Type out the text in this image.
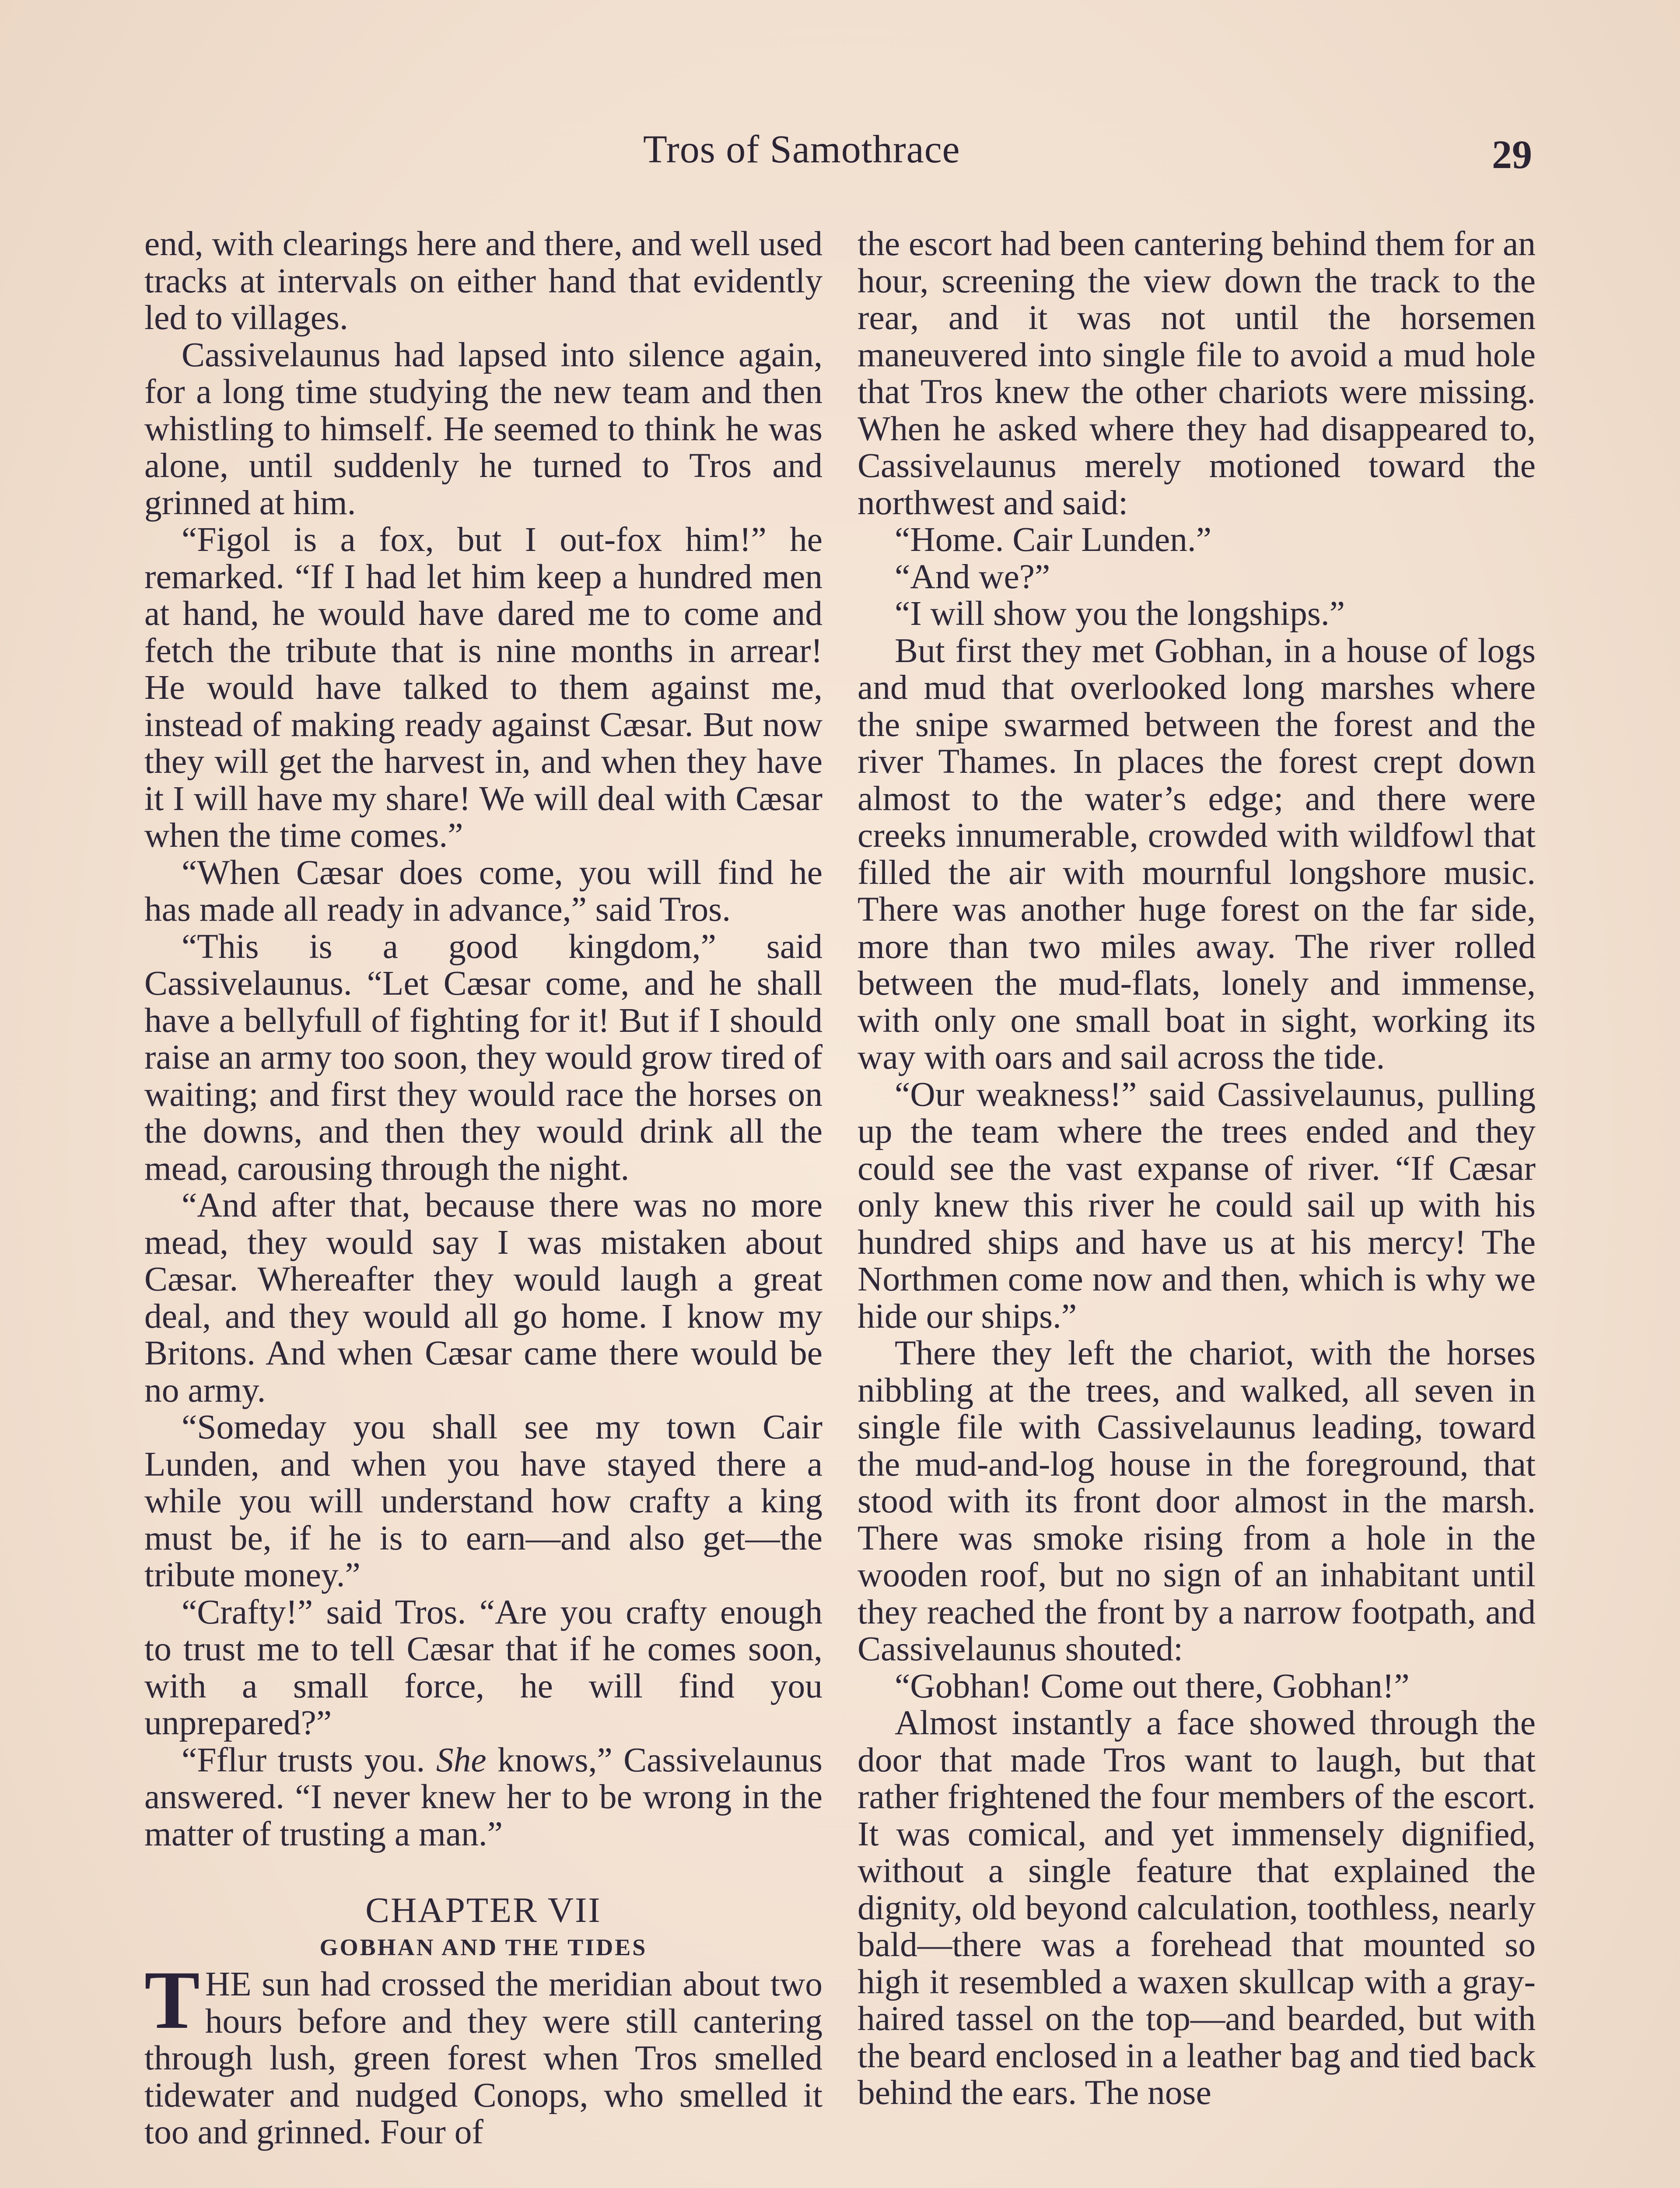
Tros of Samothrace	29

end, with clearings here and there, and well used tracks at intervals on either hand that evidently led to villages.

Cassivelaunus had lapsed into silence again, for a long time studying the new team and then whistling to himself. He seemed to think he was alone, until suddenly he turned to Tros and grinned at him.

“Figol is a fox, but I out-fox him!” he remarked. “If I had let him keep a hundred men at hand, he would have dared me to come and fetch the tribute that is nine months in arrear! He would have talked to them against me, instead of making ready against Cæsar. But now they will get the harvest in, and when they have it I will have my share! We will deal with Cæsar when the time comes.”

“When Cæsar does come, you will find he has made all ready in advance,” said Tros.

“This is a good kingdom,” said Cassivelaunus. “Let Cæsar come, and he shall have a bellyfull of fighting for it! But if I should raise an army too soon, they would grow tired of waiting; and first they would race the horses on the downs, and then they would drink all the mead, carousing through the night.

“And after that, because there was no more mead, they would say I was mistaken about Cæsar. Whereafter they would laugh a great deal, and they would all go home. I know my Britons. And when Cæsar came there would be no army.

“Someday you shall see my town Cair Lunden, and when you have stayed there a while you will understand how crafty a king must be, if he is to earn—and also get—the tribute money.”

“Crafty!” said Tros. “Are you crafty enough to trust me to tell Cæsar that if he comes soon, with a small force, he will find you unprepared?”

“Fflur trusts you. She knows,” Cassivelaunus answered. “I never knew her to be wrong in the matter of trusting a man.”

CHAPTER VII

GOBHAN AND THE TIDES

THE sun had crossed the meridian about two hours before and they were still cantering through lush, green forest when Tros smelled tidewater and nudged Conops, who smelled it too and grinned. Four of

the escort had been cantering behind them for an hour, screening the view down the track to the rear, and it was not until the horsemen maneuvered into single file to avoid a mud hole that Tros knew the other chariots were missing. When he asked where they had disappeared to, Cassivelaunus merely motioned toward the northwest and said:

“Home. Cair Lunden.”

“And we?”

“I will show you the longships.”

But first they met Gobhan, in a house of logs and mud that overlooked long marshes where the snipe swarmed between the forest and the river Thames. In places the forest crept down almost to the water’s edge; and there were creeks innumerable, crowded with wildfowl that filled the air with mournful longshore music. There was another huge forest on the far side, more than two miles away. The river rolled between the mud-flats, lonely and immense, with only one small boat in sight, working its way with oars and sail across the tide.

“Our weakness!” said Cassivelaunus, pulling up the team where the trees ended and they could see the vast expanse of river. “If Cæsar only knew this river he could sail up with his hundred ships and have us at his mercy! The Northmen come now and then, which is why we hide our ships.”

There they left the chariot, with the horses nibbling at the trees, and walked, all seven in single file with Cassivelaunus leading, toward the mud-and-log house in the foreground, that stood with its front door almost in the marsh. There was smoke rising from a hole in the wooden roof, but no sign of an inhabitant until they reached the front by a narrow footpath, and Cassivelaunus shouted:

“Gobhan! Come out there, Gobhan!”

Almost instantly a face showed through the door that made Tros want to laugh, but that rather frightened the four members of the escort. It was comical, and yet immensely dignified, without a single feature that explained the dignity, old beyond calculation, toothless, nearly bald—there was a forehead that mounted so high it resembled a waxen skullcap with a gray-haired tassel on the top—and bearded, but with the beard enclosed in a leather bag and tied back behind the ears. The nose
